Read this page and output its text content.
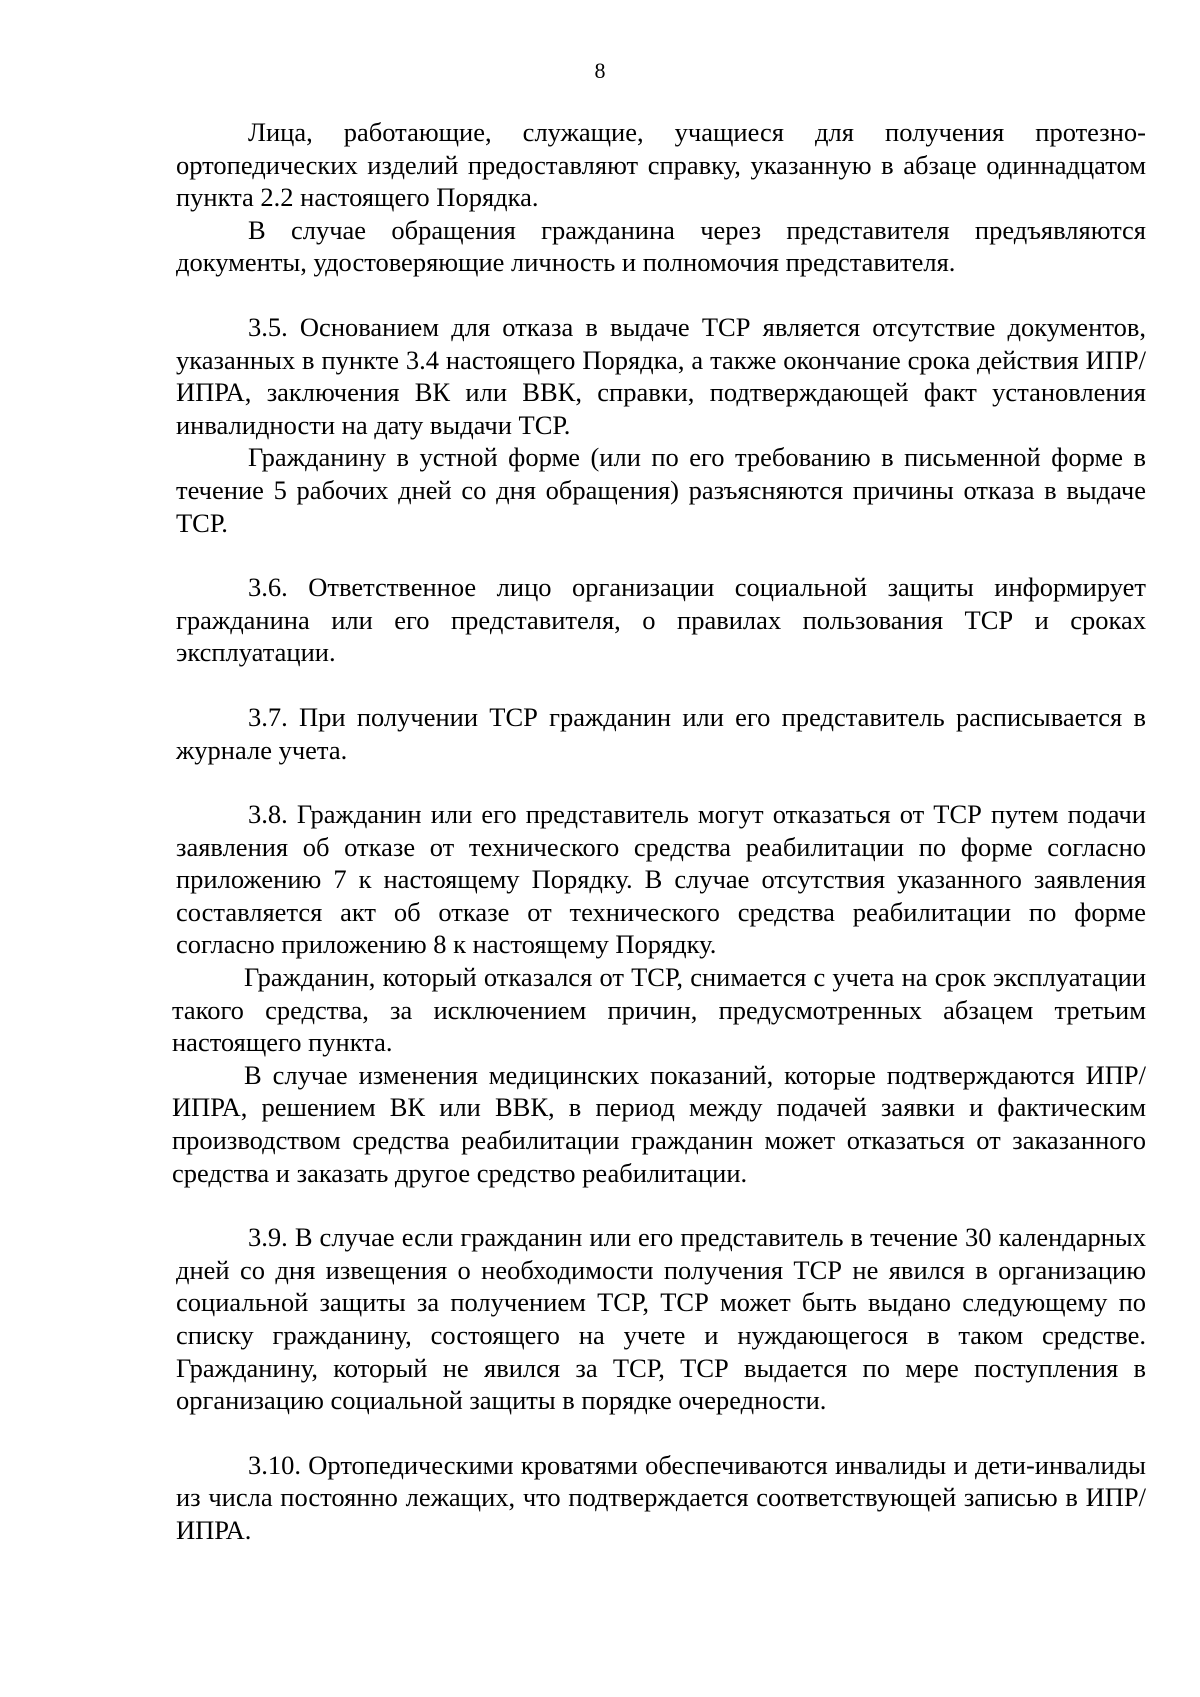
8

Лица, работающие, служащие, учащиеся для получения протезно-ортопедических изделий предоставляют справку, указанную в абзаце одиннадцатом пункта 2.2 настоящего Порядка.

В случае обращения гражданина через представителя предъявляются документы, удостоверяющие личность и полномочия представителя.

3.5. Основанием для отказа в выдаче ТСР является отсутствие документов, указанных в пункте 3.4 настоящего Порядка, а также окончание срока действия ИПР/ИПРА, заключения ВК или ВВК, справки, подтверждающей факт установления инвалидности на дату выдачи ТСР.

Гражданину в устной форме (или по его требованию в письменной форме в течение 5 рабочих дней со дня обращения) разъясняются причины отказа в выдаче ТСР.

3.6. Ответственное лицо организации социальной защиты информирует гражданина или его представителя, о правилах пользования ТСР и сроках эксплуатации.

3.7. При получении ТСР гражданин или его представитель расписывается в журнале учета.

3.8. Гражданин или его представитель могут отказаться от ТСР путем подачи заявления об отказе от технического средства реабилитации по форме согласно приложению 7 к настоящему Порядку. В случае отсутствия указанного заявления составляется акт об отказе от технического средства реабилитации по форме согласно приложению 8 к настоящему Порядку.

Гражданин, который отказался от ТСР, снимается с учета на срок эксплуатации такого средства, за исключением причин, предусмотренных абзацем третьим настоящего пункта.

В случае изменения медицинских показаний, которые подтверждаются ИПР/ИПРА, решением ВК или ВВК, в период между подачей заявки и фактическим производством средства реабилитации гражданин может отказаться от заказанного средства и заказать другое средство реабилитации.

3.9. В случае если гражданин или его представитель в течение 30 календарных дней со дня извещения о необходимости получения ТСР не явился в организацию социальной защиты за получением ТСР, ТСР может быть выдано следующему по списку гражданину, состоящего на учете и нуждающегося в таком средстве. Гражданину, который не явился за ТСР, ТСР выдается по мере поступления в организацию социальной защиты в порядке очередности.

3.10. Ортопедическими кроватями обеспечиваются инвалиды и дети-инвалиды из числа постоянно лежащих, что подтверждается соответствующей записью в ИПР/ИПРА.
